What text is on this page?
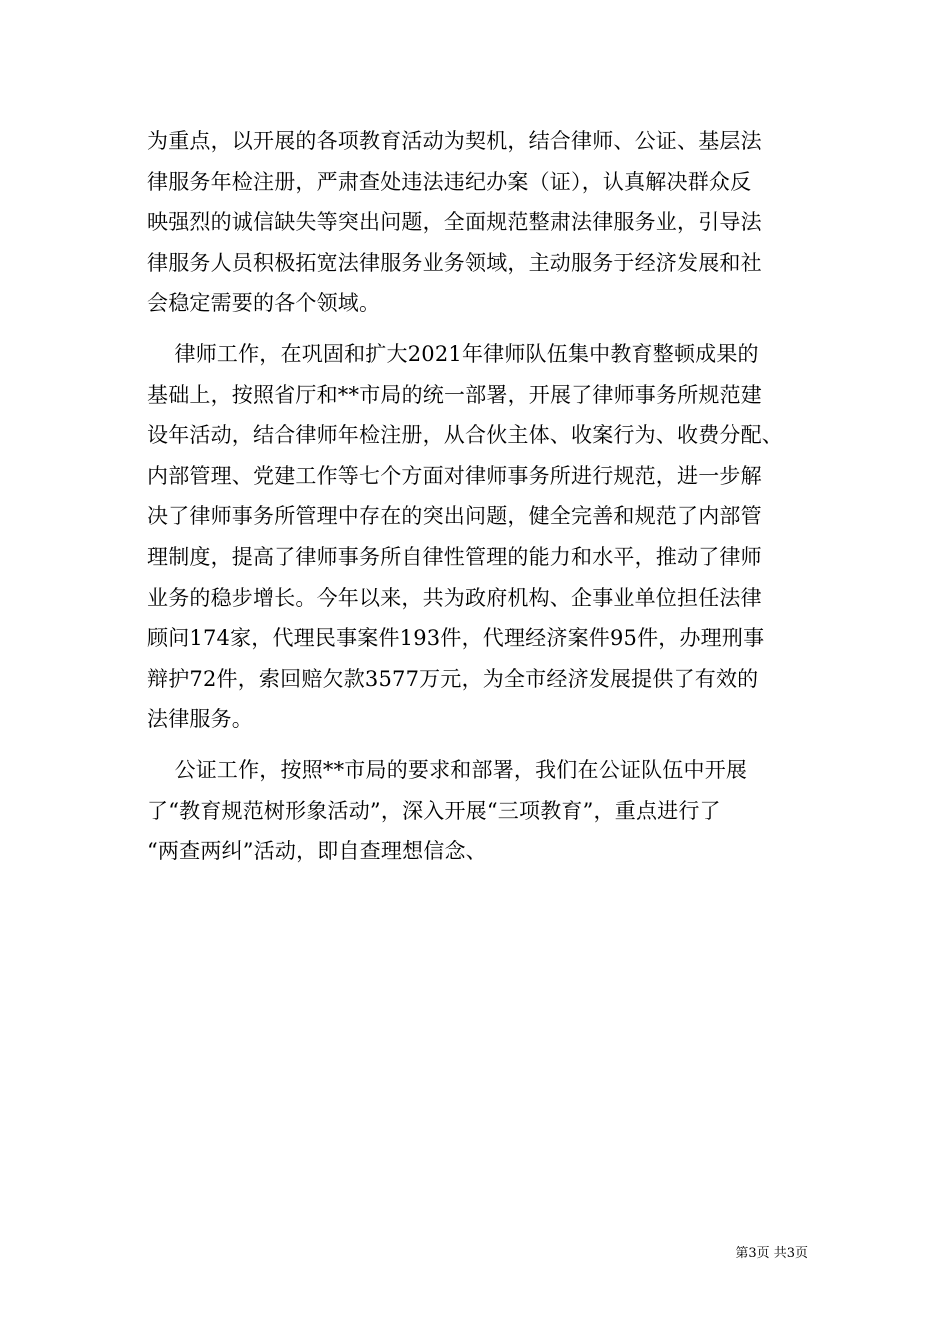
为重点，以开展的各项教育活动为契机，结合律师、公证、基层法
律服务年检注册，严肃查处违法违纪办案（证），认真解决群众反
映强烈的诚信缺失等突出问题，全面规范整肃法律服务业，引导法
律服务人员积极拓宽法律服务业务领域，主动服务于经济发展和社
会稳定需要的各个领域。
律师工作，在巩固和扩大2021年律师队伍集中教育整顿成果的
基础上，按照省厅和**市局的统一部署，开展了律师事务所规范建
设年活动，结合律师年检注册，从合伙主体、收案行为、收费分配、
内部管理、党建工作等七个方面对律师事务所进行规范，进一步解
决了律师事务所管理中存在的突出问题，健全完善和规范了内部管
理制度，提高了律师事务所自律性管理的能力和水平，推动了律师
业务的稳步增长。今年以来，共为政府机构、企事业单位担任法律
顾问174家，代理民事案件193件，代理经济案件95件，办理刑事
辩护72件，索回赔欠款3577万元，为全市经济发展提供了有效的
法律服务。
公证工作，按照**市局的要求和部署，我们在公证队伍中开展
了“教育规范树形象活动”，深入开展“三项教育”，重点进行了
“两查两纠”活动，即自查理想信念、
第3页 共3页
